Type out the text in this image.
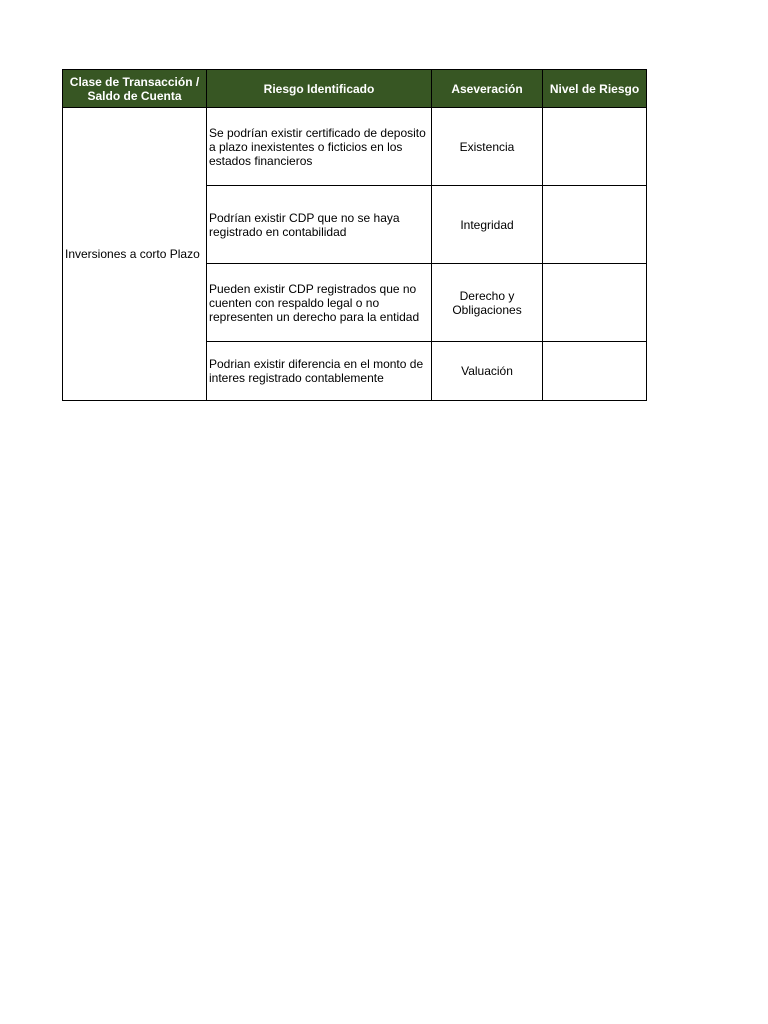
Clase de Transacción / Saldo de Cuenta	Riesgo Identificado	Aseveración	Nivel de Riesgo
Inversiones a corto Plazo	Se podrían existir certificado de deposito a plazo inexistentes o ficticios en los estados financieros	Existencia	
	Podrían existir CDP que no se haya registrado en contabilidad	Integridad	
	Pueden existir CDP registrados que no cuenten con respaldo legal o no representen un derecho para la entidad	Derecho y Obligaciones	
	Podrian existir diferencia en el monto de interes registrado contablemente	Valuación	
